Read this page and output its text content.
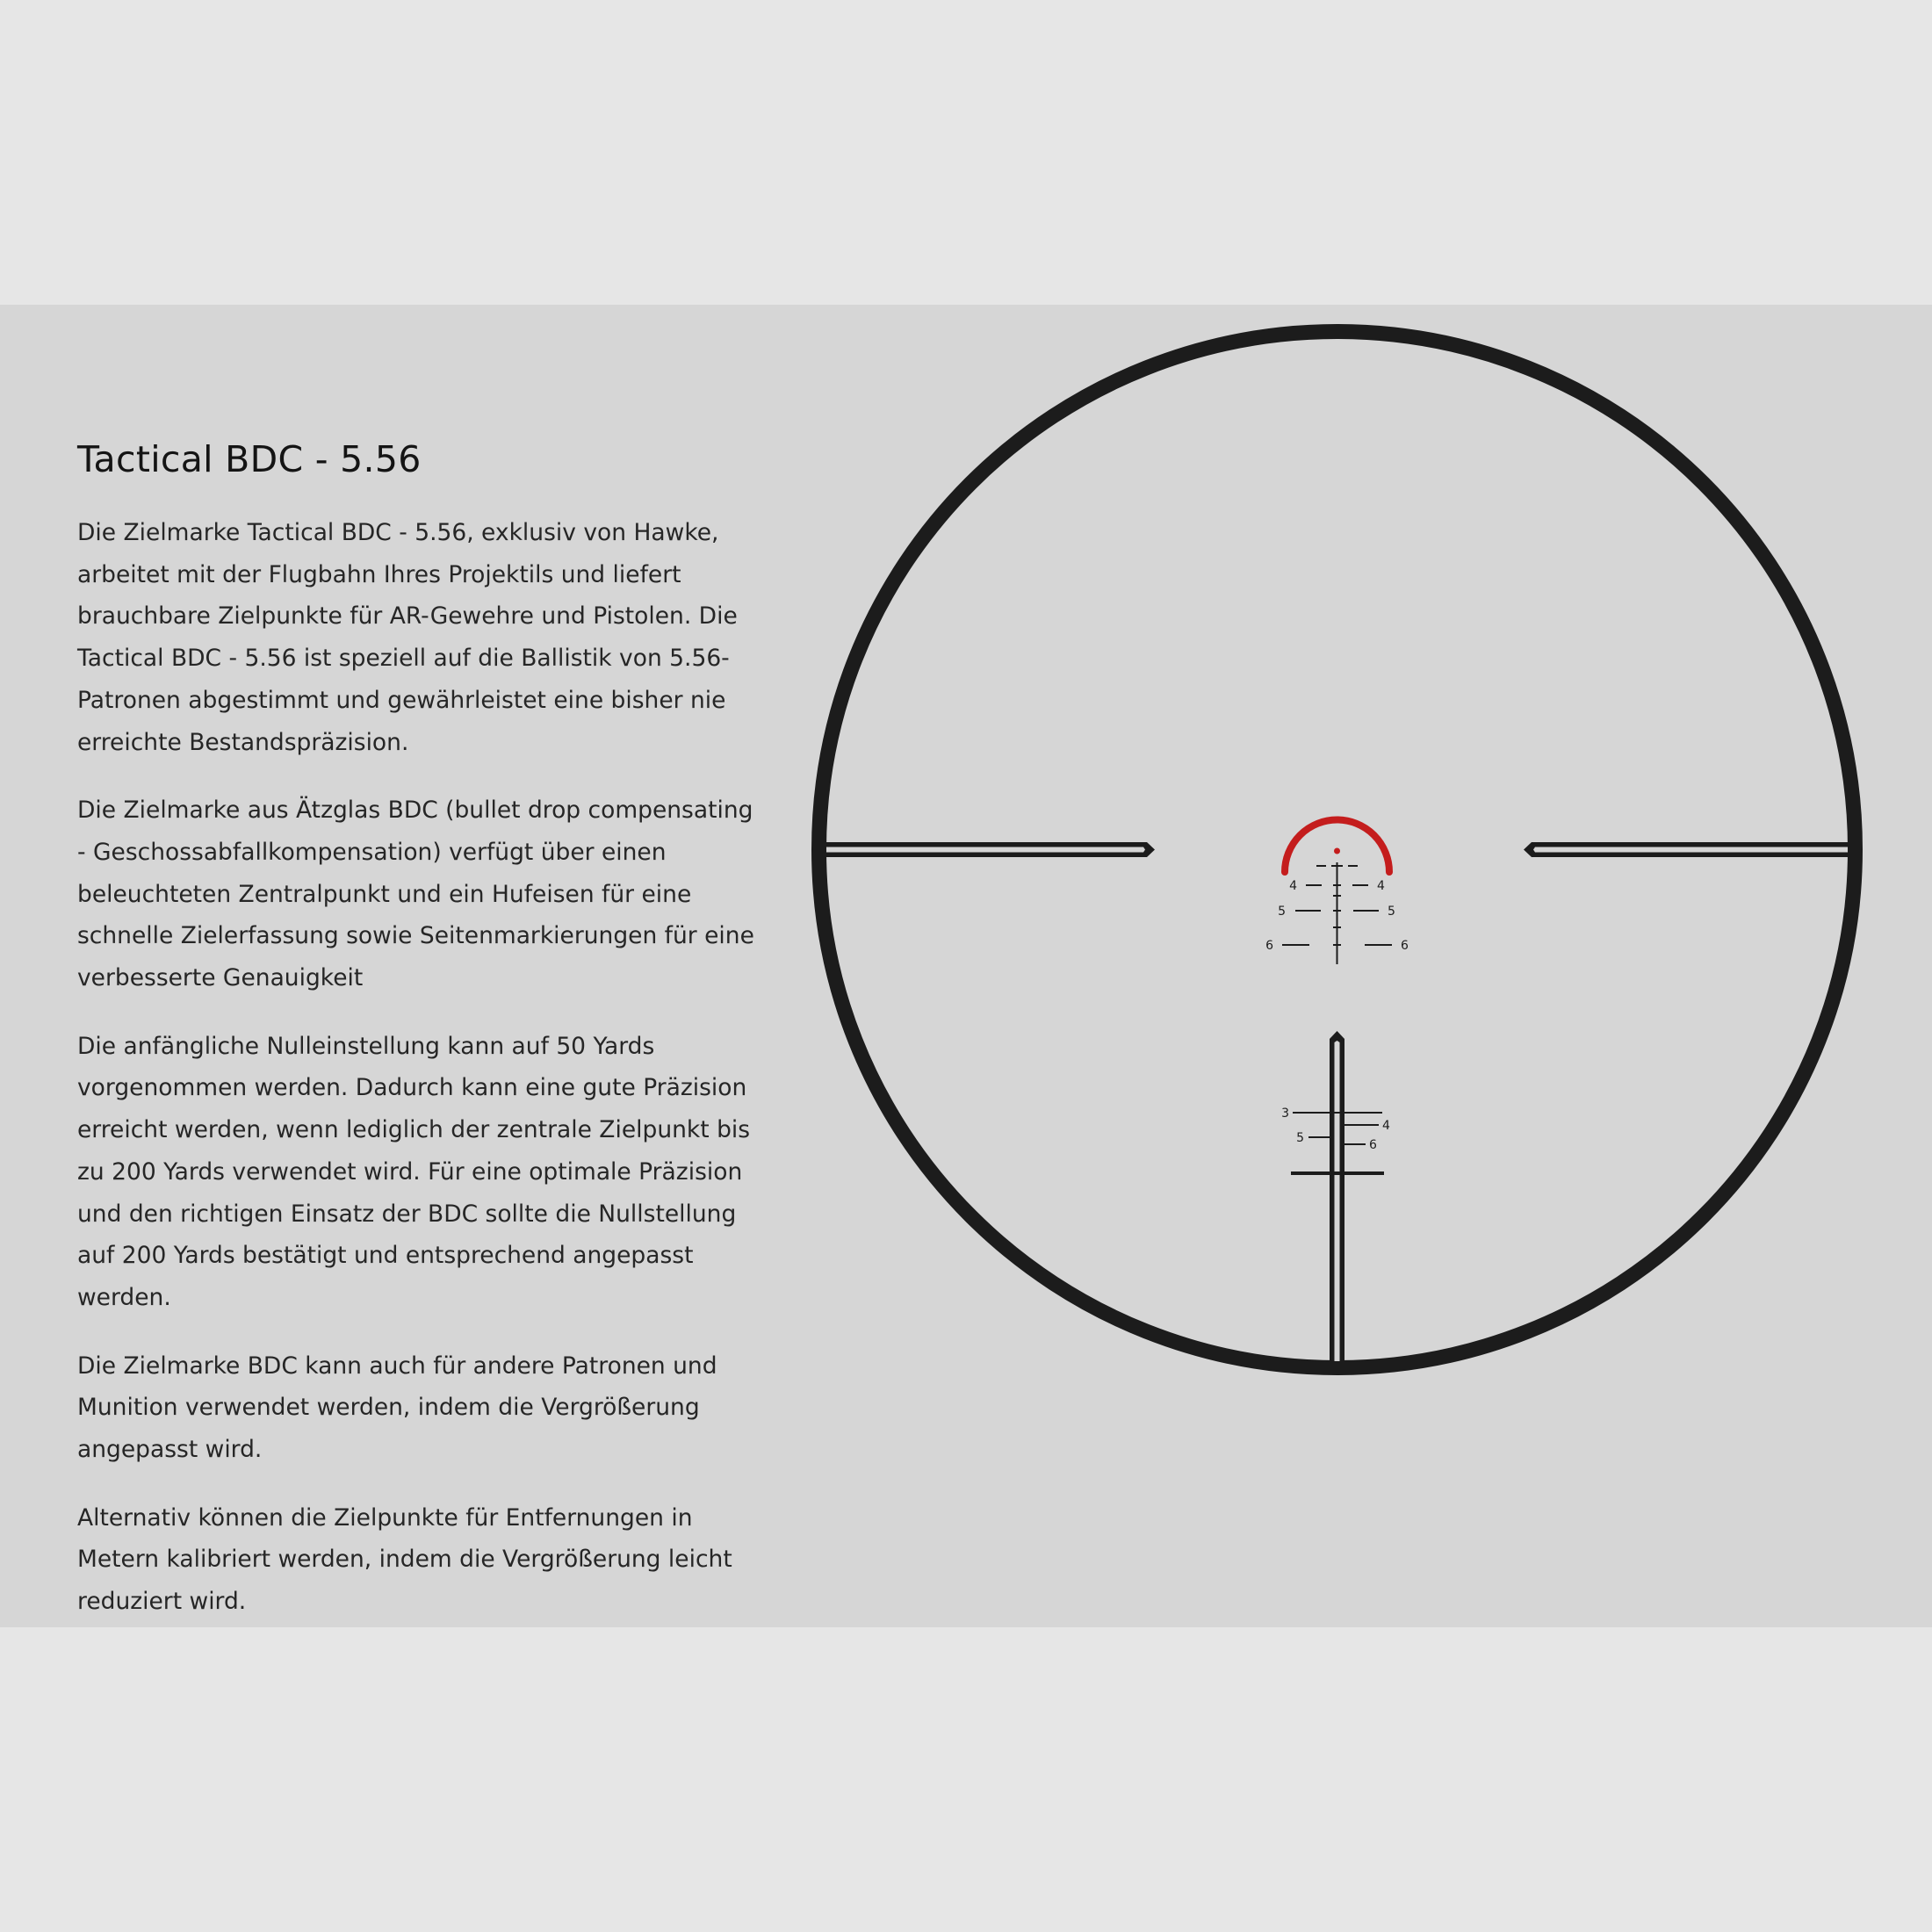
Tactical BDC - 5.56

Die Zielmarke Tactical BDC - 5.56, exklusiv von Hawke, arbeitet mit der Flugbahn Ihres Projektils und liefert brauchbare Zielpunkte für AR-Gewehre und Pistolen. Die Tactical BDC - 5.56 ist speziell auf die Ballistik von 5.56-Patronen abgestimmt und gewährleistet eine bisher nie erreichte Bestandspräzision.

Die Zielmarke aus Ätzglas BDC (bullet drop compensating - Geschossabfallkompensation) verfügt über einen beleuchteten Zentralpunkt und ein Hufeisen für eine schnelle Zielerfassung sowie Seitenmarkierungen für eine verbesserte Genauigkeit

Die anfängliche Nulleinstellung kann auf 50 Yards vorgenommen werden. Dadurch kann eine gute Präzision erreicht werden, wenn lediglich der zentrale Zielpunkt bis zu 200 Yards verwendet wird. Für eine optimale Präzision und den richtigen Einsatz der BDC sollte die Nullstellung auf 200 Yards bestätigt und entsprechend angepasst werden.

Die Zielmarke BDC kann auch für andere Patronen und Munition verwendet werden, indem die Vergrößerung angepasst wird.

Alternativ können die Zielpunkte für Entfernungen in Metern kalibriert werden, indem die Vergrößerung leicht reduziert wird.

4
5
6
4
5
6
3
5
4
6
